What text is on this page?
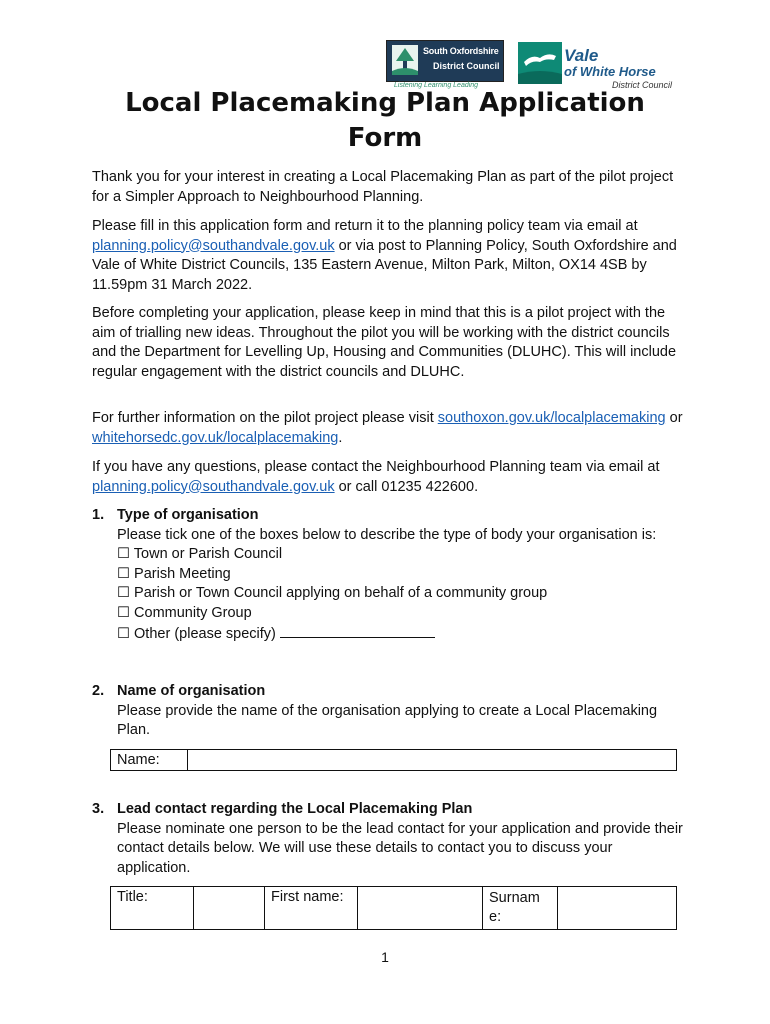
South Oxfordshire
District Council
Listening Learning Leading
Vale
of White Horse
District Council
Local Placemaking Plan Application Form

Thank you for your interest in creating a Local Placemaking Plan as part of the pilot project for a Simpler Approach to Neighbourhood Planning.

Please fill in this application form and return it to the planning policy team via email at planning.policy@southandvale.gov.uk or via post to Planning Policy, South Oxfordshire and Vale of White District Councils, 135 Eastern Avenue, Milton Park, Milton, OX14 4SB by 11.59pm 31 March 2022.

Before completing your application, please keep in mind that this is a pilot project with the aim of trialling new ideas. Throughout the pilot you will be working with the district councils and the Department for Levelling Up, Housing and Communities (DLUHC). This will include regular engagement with the district councils and DLUHC.

For further information on the pilot project please visit southoxon.gov.uk/localplacemaking or whitehorsedc.gov.uk/localplacemaking.

If you have any questions, please contact the Neighbourhood Planning team via email at planning.policy@southandvale.gov.uk or call 01235 422600.

1. Type of organisation
Please tick one of the boxes below to describe the type of body your organisation is:
☐ Town or Parish Council
☐ Parish Meeting
☐ Parish or Town Council applying on behalf of a community group
☐ Community Group
☐ Other (please specify)
2. Name of organisation
Please provide the name of the organisation applying to create a Local Placemaking Plan.
Name:	
3. Lead contact regarding the Local Placemaking Plan
Please nominate one person to be the lead contact for your application and provide their contact details below. We will use these details to contact you to discuss your application.
Title:		First name:		Surname:	
1
